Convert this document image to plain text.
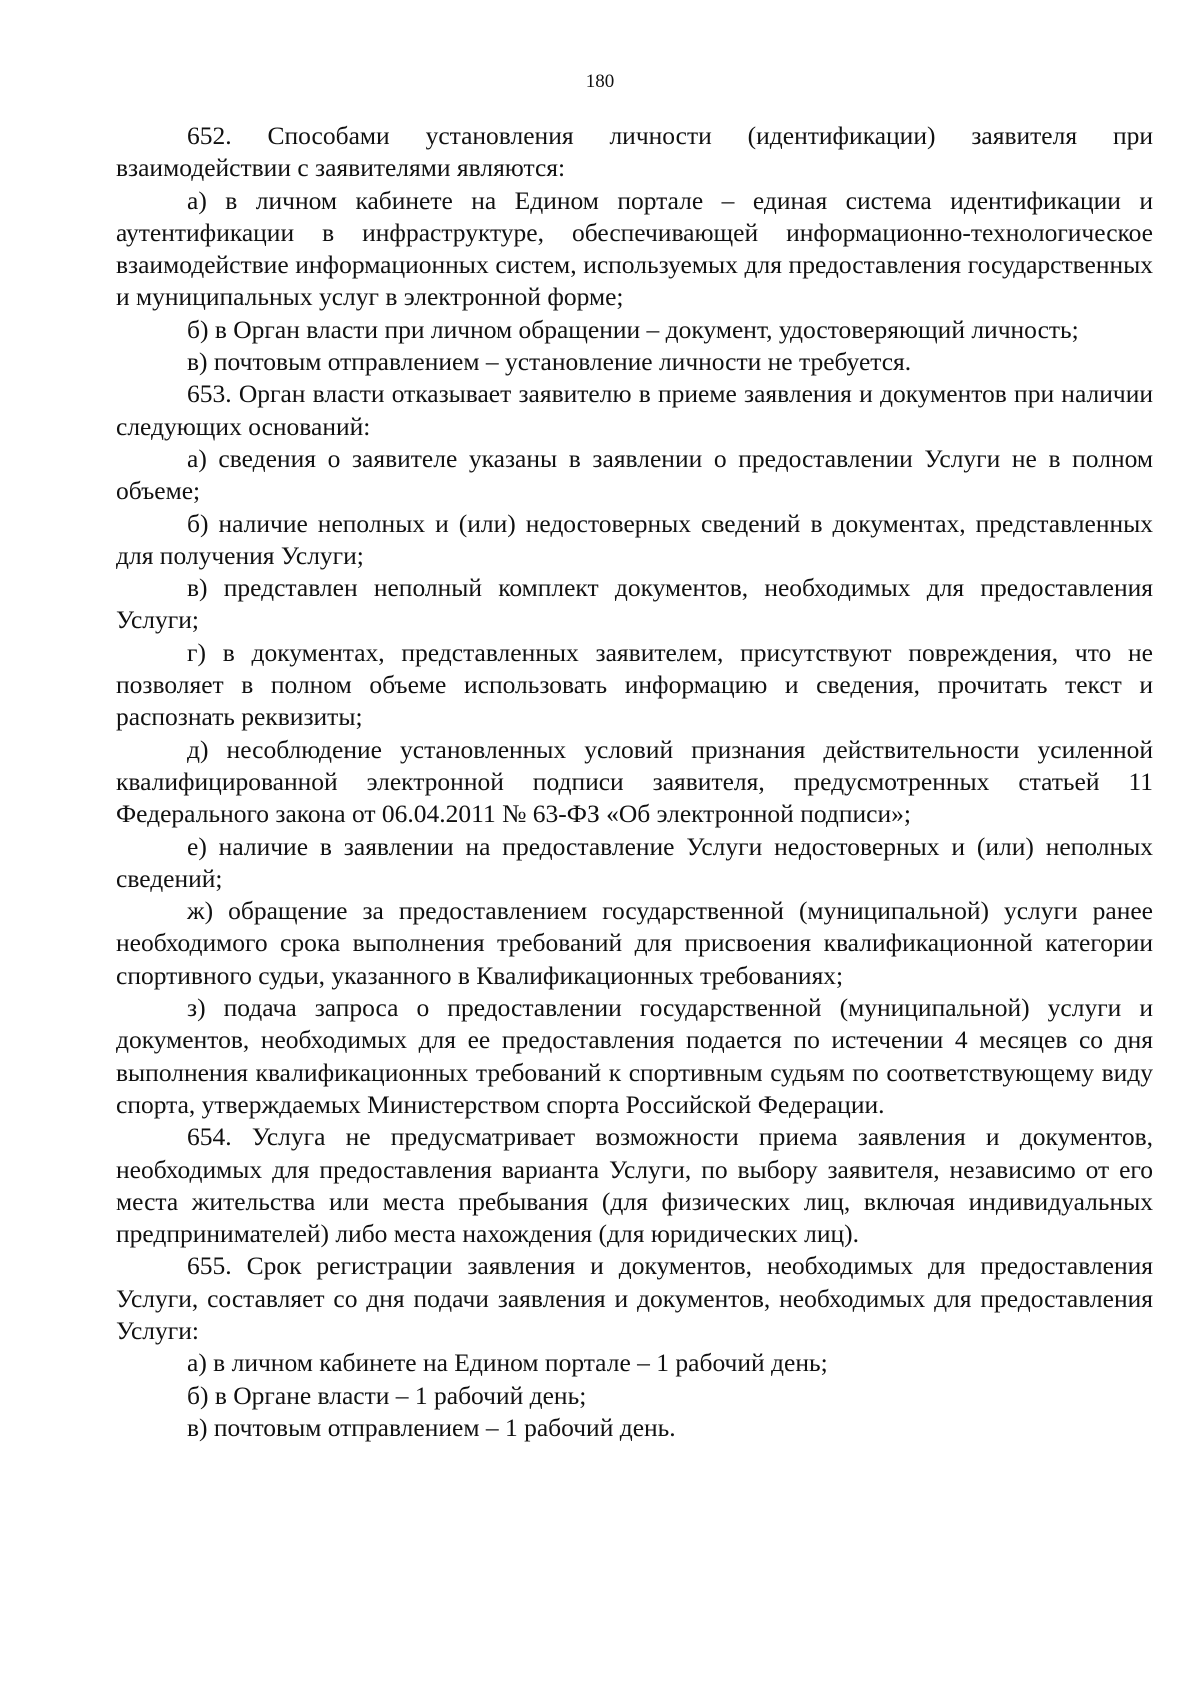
180

652. Способами установления личности (идентификации) заявителя при взаимодействии с заявителями являются:

а) в личном кабинете на Едином портале – единая система идентификации и аутентификации в инфраструктуре, обеспечивающей информационно-технологическое взаимодействие информационных систем, используемых для предоставления государственных и муниципальных услуг в электронной форме;

б) в Орган власти при личном обращении – документ, удостоверяющий личность;

в) почтовым отправлением – установление личности не требуется.

653. Орган власти отказывает заявителю в приеме заявления и документов при наличии следующих оснований:

а) сведения о заявителе указаны в заявлении о предоставлении Услуги не в полном объеме;

б) наличие неполных и (или) недостоверных сведений в документах, представленных для получения Услуги;

в) представлен неполный комплект документов, необходимых для предоставления Услуги;

г) в документах, представленных заявителем, присутствуют повреждения, что не позволяет в полном объеме использовать информацию и сведения, прочитать текст и распознать реквизиты;

д) несоблюдение установленных условий признания действительности усиленной квалифицированной электронной подписи заявителя, предусмотренных статьей 11 Федерального закона от 06.04.2011 № 63-ФЗ «Об электронной подписи»;

е) наличие в заявлении на предоставление Услуги недостоверных и (или) неполных сведений;

ж) обращение за предоставлением государственной (муниципальной) услуги ранее необходимого срока выполнения требований для присвоения квалификационной категории спортивного судьи, указанного в Квалификационных требованиях;

з) подача запроса о предоставлении государственной (муниципальной) услуги и документов, необходимых для ее предоставления подается по истечении 4 месяцев со дня выполнения квалификационных требований к спортивным судьям по соответствующему виду спорта, утверждаемых Министерством спорта Российской Федерации.

654. Услуга не предусматривает возможности приема заявления и документов, необходимых для предоставления варианта Услуги, по выбору заявителя, независимо от его места жительства или места пребывания (для физических лиц, включая индивидуальных предпринимателей) либо места нахождения (для юридических лиц).

655. Срок регистрации заявления и документов, необходимых для предоставления Услуги, составляет со дня подачи заявления и документов, необходимых для предоставления Услуги:

а) в личном кабинете на Едином портале – 1 рабочий день;

б) в Органе власти – 1 рабочий день;

в) почтовым отправлением – 1 рабочий день.
